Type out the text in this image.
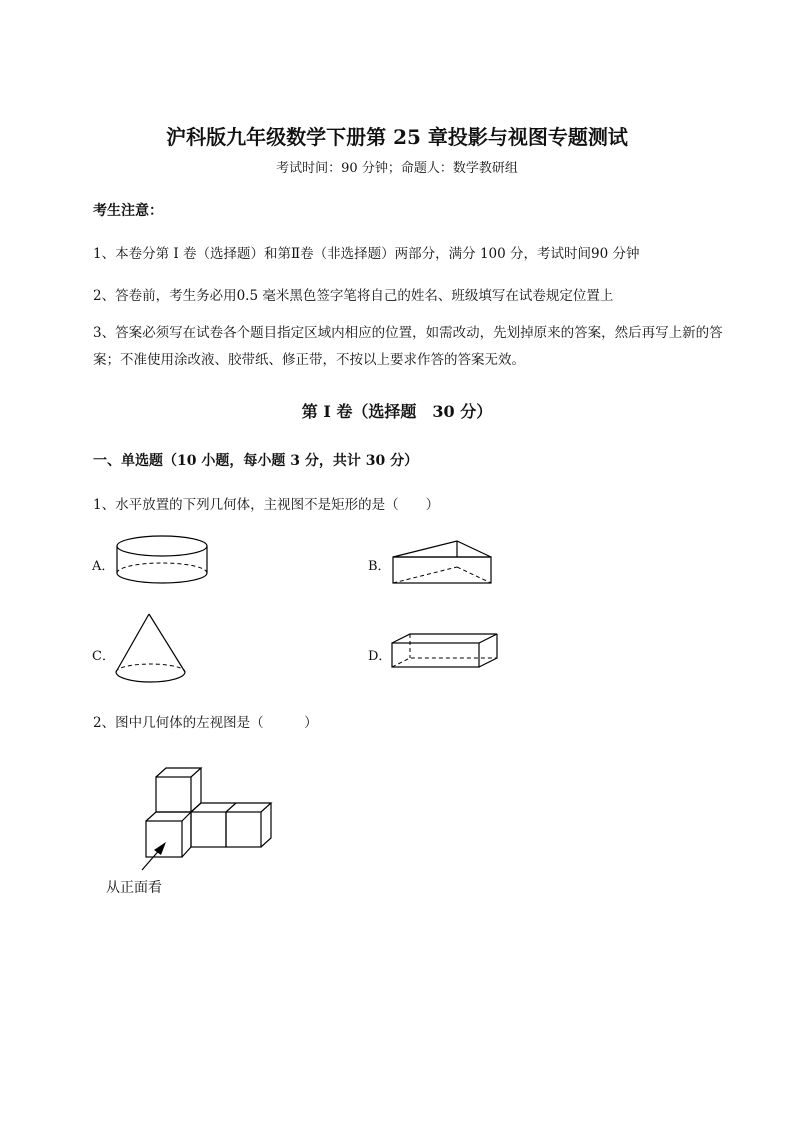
沪科版九年级数学下册第 25 章投影与视图专题测试
考试时间：90 分钟；命题人：数学教研组
考生注意：
1、本卷分第 I 卷（选择题）和第Ⅱ卷（非选择题）两部分，满分 100 分，考试时间90 分钟
2、答卷前，考生务必用0.5 毫米黑色签字笔将自己的姓名、班级填写在试卷规定位置上
3、答案必须写在试卷各个题目指定区域内相应的位置，如需改动，先划掉原来的答案，然后再写上新的答案；不准使用涂改液、胶带纸、修正带，不按以上要求作答的答案无效。
第 I 卷（选择题　30 分）
一、单选题（10 小题，每小题 3 分，共计 30 分）
1、水平放置的下列几何体，主视图不是矩形的是（　　）
A．	B．
C．	D．
2、图中几何体的左视图是（　　　）
从正面看
